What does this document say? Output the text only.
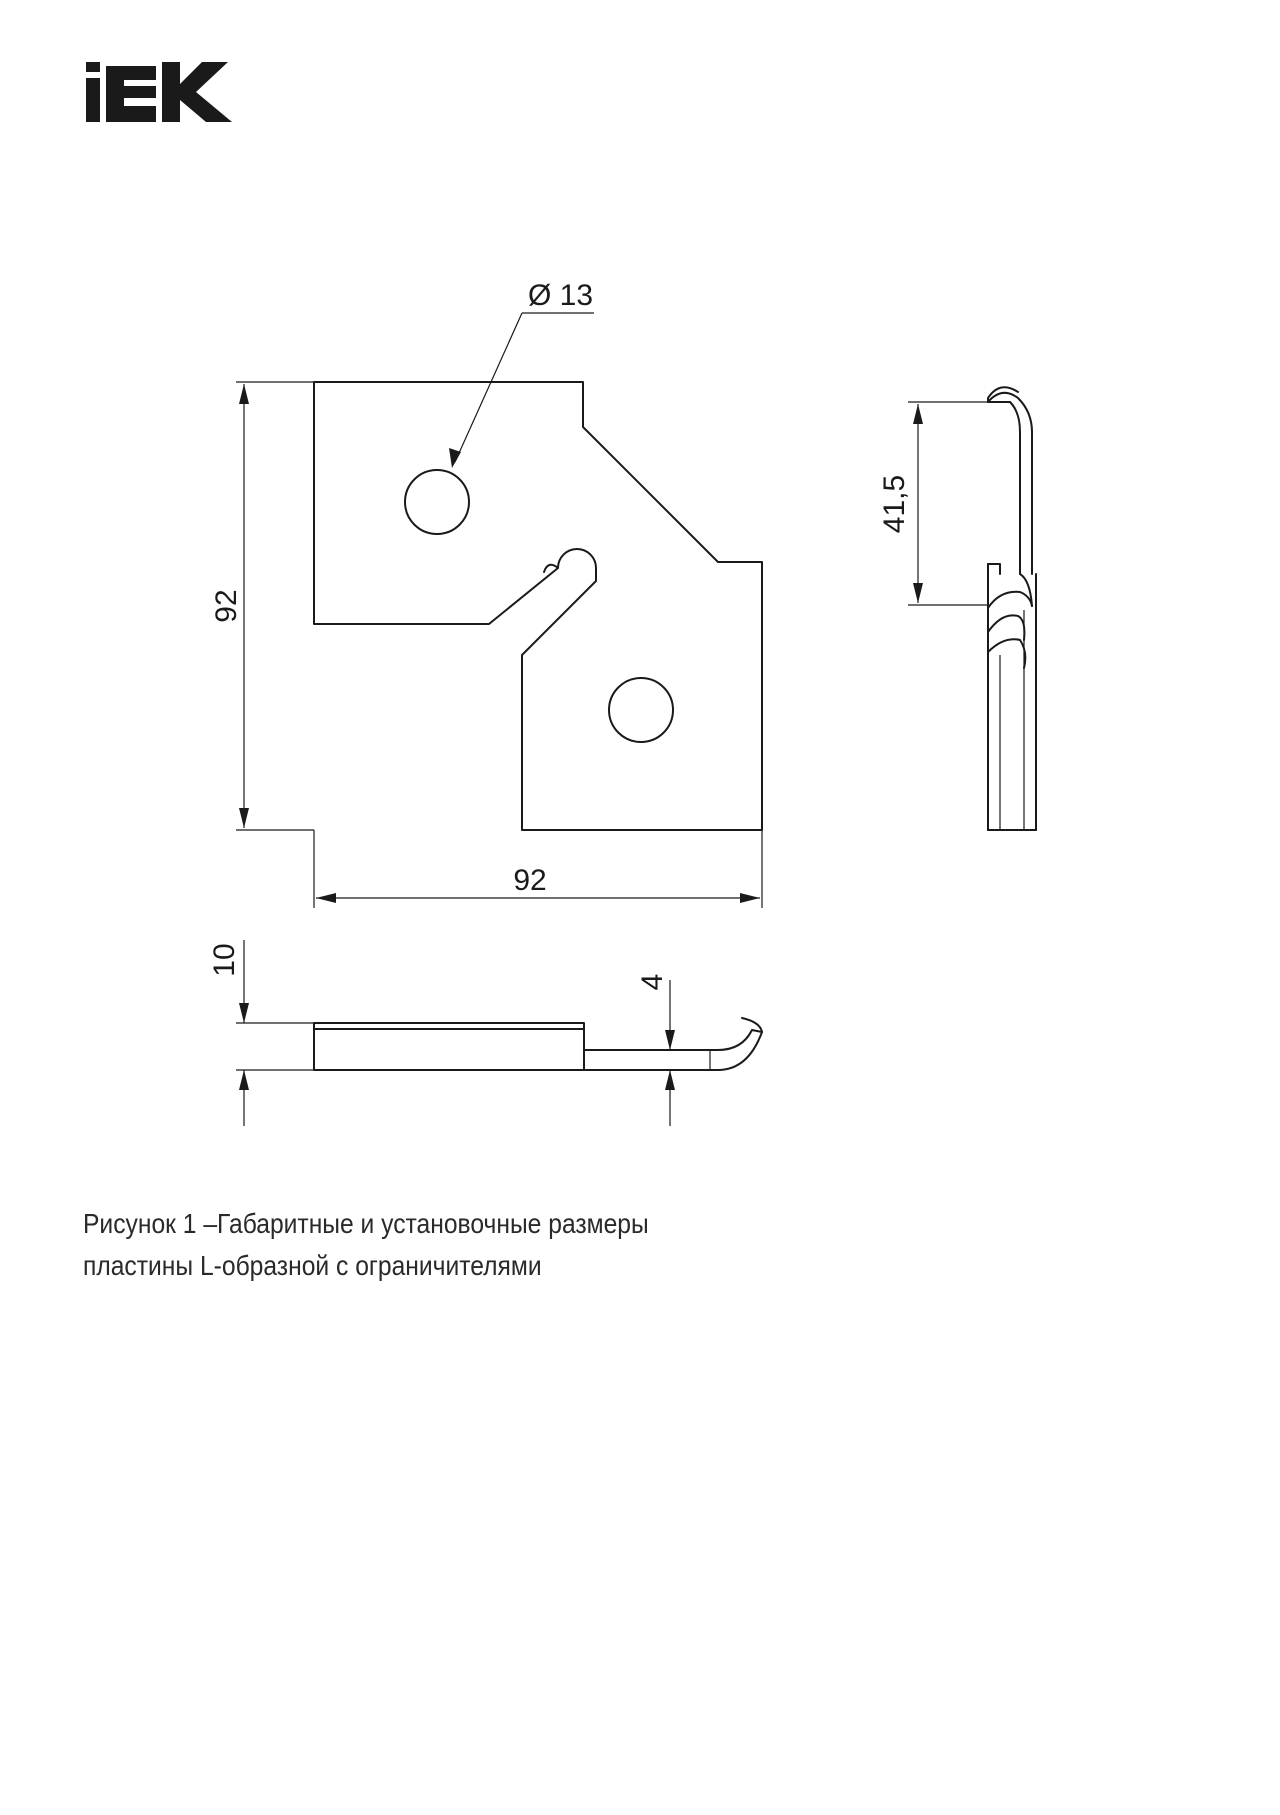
Ø 13
92
92
41,5
10
4
Рисунок 1 –Габаритные и установочные размеры
пластины L-образной с ограничителями
